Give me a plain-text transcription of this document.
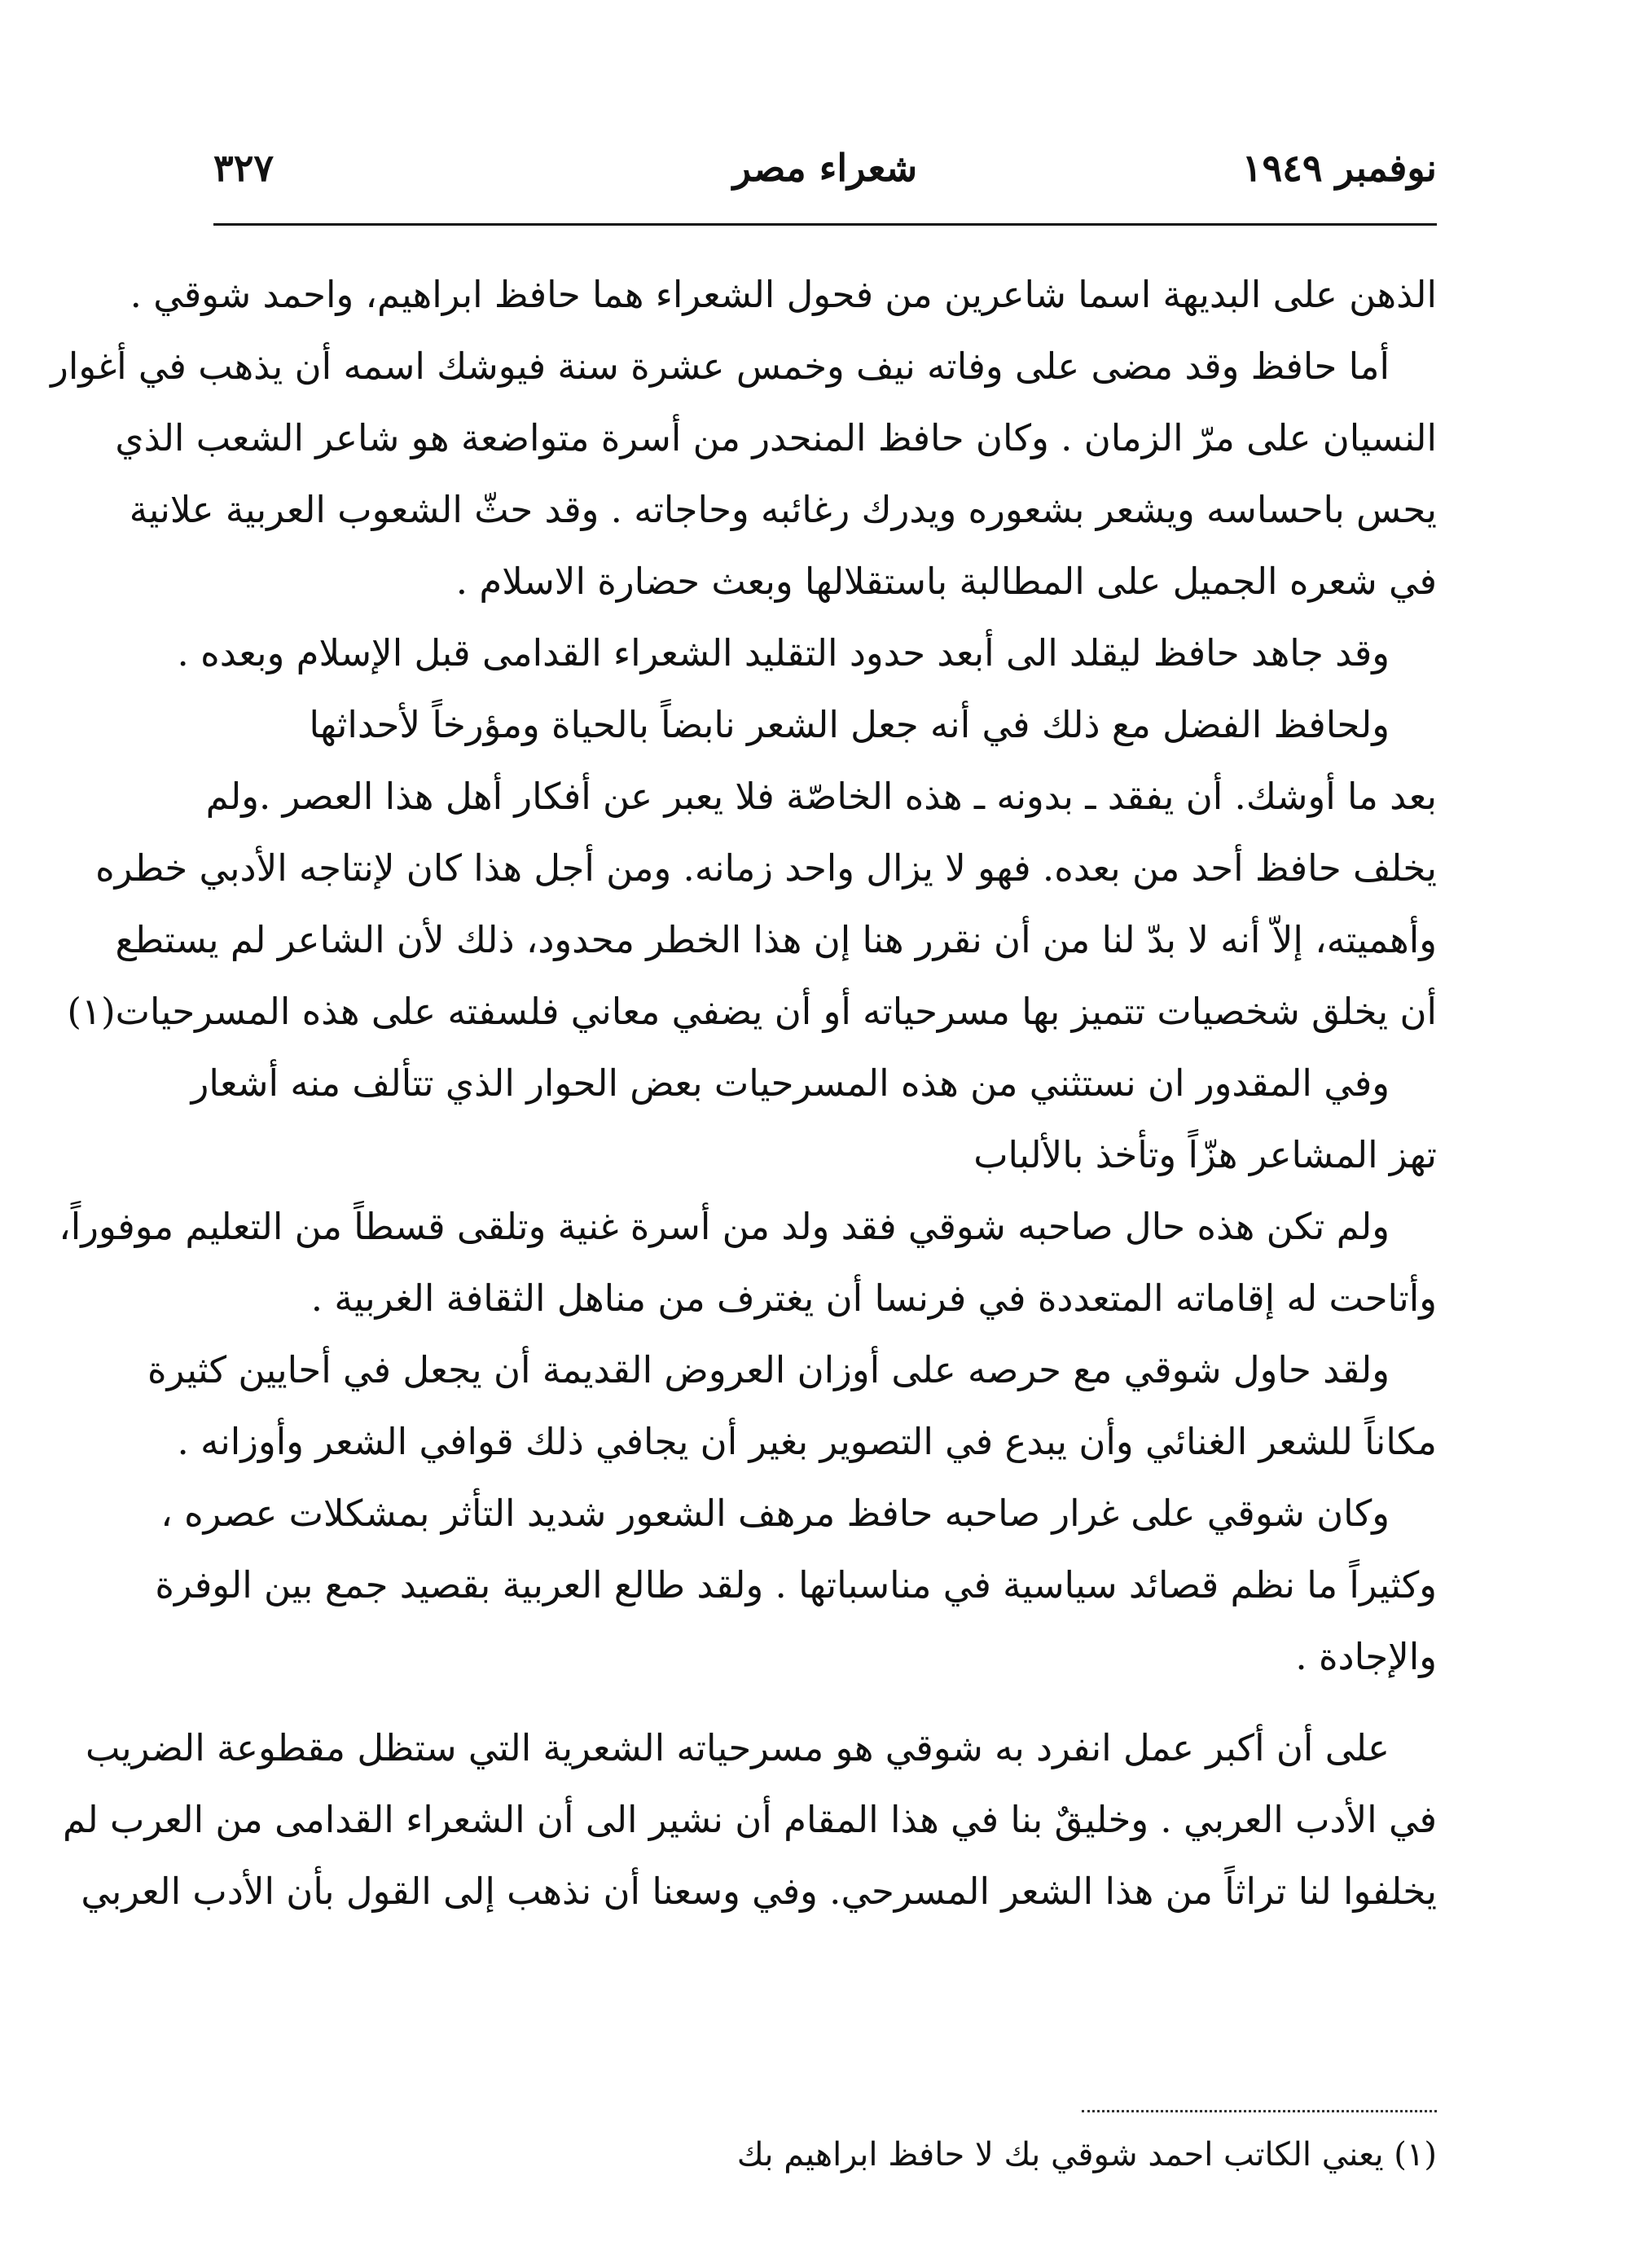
نوفمبر ١٩٤٩
شعراء مصر
٣٢٧

الذهن على البديهة اسما شاعرين من فحول الشعراء هما حافظ ابراهيم، واحمد شوقي .

أما حافظ وقد مضى على وفاته نيف وخمس عشرة سنة فيوشك اسمه أن يذهب في أغوار

النسيان على مرّ الزمان . وكان حافظ المنحدر من أسرة متواضعة هو شاعر الشعب الذي

يحس باحساسه ويشعر بشعوره ويدرك رغائبه وحاجاته . وقد حثّ الشعوب العربية علانية

في شعره الجميل على المطالبة باستقلالها وبعث حضارة الاسلام .

وقد جاهد حافظ ليقلد الى أبعد حدود التقليد الشعراء القدامى قبل الإسلام وبعده .

ولحافظ الفضل مع ذلك في أنه جعل الشعر نابضاً بالحياة ومؤرخاً لأحداثها

بعد ما أوشك. أن يفقد ـ بدونه ـ هذه الخاصّة فلا يعبر عن أفكار أهل هذا العصر .ولم

يخلف حافظ أحد من بعده. فهو لا يزال واحد زمانه. ومن أجل هذا كان لإنتاجه الأدبي خطره

وأهميته، إلاّ أنه لا بدّ لنا من أن نقرر هنا إن هذا الخطر محدود، ذلك لأن الشاعر لم يستطع

أن يخلق شخصيات تتميز بها مسرحياته أو أن يضفي معاني فلسفته على هذه المسرحيات(١)

وفي المقدور ان نستثني من هذه المسرحيات بعض الحوار الذي تتألف منه أشعار

تهز المشاعر هزّاً وتأخذ بالألباب

ولم تكن هذه حال صاحبه شوقي فقد ولد من أسرة غنية وتلقى قسطاً من التعليم موفوراً،

وأتاحت له إقاماته المتعددة في فرنسا أن يغترف من مناهل الثقافة الغربية .

ولقد حاول شوقي مع حرصه على أوزان العروض القديمة أن يجعل في أحايين كثيرة

مكاناً للشعر الغنائي وأن يبدع في التصوير بغير أن يجافي ذلك قوافي الشعر وأوزانه .

وكان شوقي على غرار صاحبه حافظ مرهف الشعور شديد التأثر بمشكلات عصره ،

وكثيراً ما نظم قصائد سياسية في مناسباتها . ولقد طالع العربية بقصيد جمع بين الوفرة

والإجادة .

على أن أكبر عمل انفرد به شوقي هو مسرحياته الشعرية التي ستظل مقطوعة الضريب

في الأدب العربي . وخليقٌ بنا في هذا المقام أن نشير الى أن الشعراء القدامى من العرب لم

يخلفوا لنا تراثاً من هذا الشعر المسرحي. وفي وسعنا أن نذهب إلى القول بأن الأدب العربي

(١) يعني الكاتب احمد شوقي بك لا حافظ ابراهيم بك
